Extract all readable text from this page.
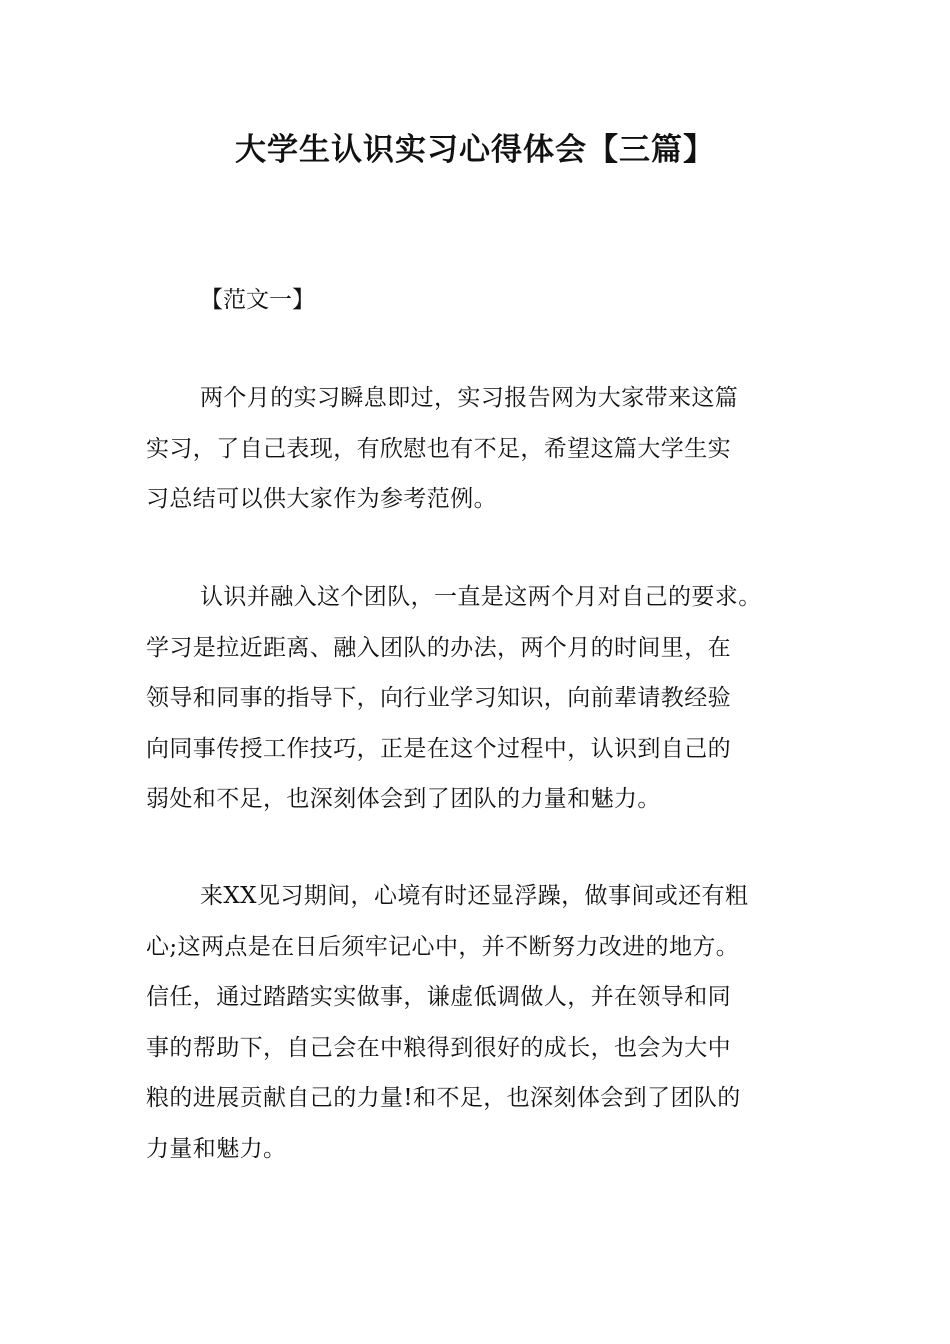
大学生认识实习心得体会【三篇】
【范文一】
两个月的实习瞬息即过，实习报告网为大家带来这篇
实习，了自己表现，有欣慰也有不足，希望这篇大学生实
习总结可以供大家作为参考范例。
认识并融入这个团队，一直是这两个月对自己的要求。
学习是拉近距离、融入团队的办法，两个月的时间里，在
领导和同事的指导下，向行业学习知识，向前辈请教经验
向同事传授工作技巧，正是在这个过程中，认识到自己的
弱处和不足，也深刻体会到了团队的力量和魅力。
来XX见习期间，心境有时还显浮躁，做事间或还有粗
心;这两点是在日后须牢记心中，并不断努力改进的地方。
信任，通过踏踏实实做事，谦虚低调做人，并在领导和同
事的帮助下，自己会在中粮得到很好的成长，也会为大中
粮的进展贡献自己的力量!和不足，也深刻体会到了团队的
力量和魅力。
